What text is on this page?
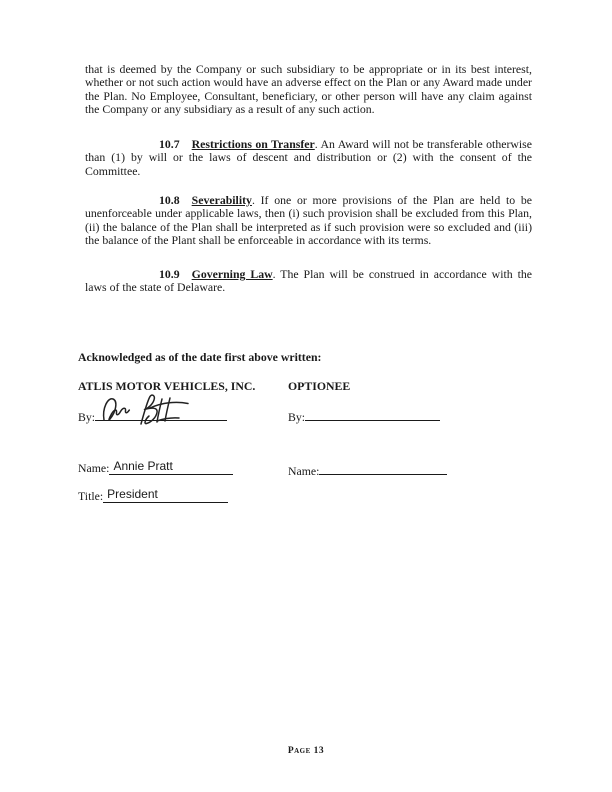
that is deemed by the Company or such subsidiary to be appropriate or in its best interest, whether or not such action would have an adverse effect on the Plan or any Award made under the Plan. No Employee, Consultant, beneficiary, or other person will have any claim against the Company or any subsidiary as a result of any such action.

10.7 Restrictions on Transfer. An Award will not be transferable otherwise than (1) by will or the laws of descent and distribution or (2) with the consent of the Committee.

10.8 Severability. If one or more provisions of the Plan are held to be unenforceable under applicable laws, then (i) such provision shall be excluded from this Plan, (ii) the balance of the Plan shall be interpreted as if such provision were so excluded and (iii) the balance of the Plant shall be enforceable in accordance with its terms.

10.9 Governing Law. The Plan will be construed in accordance with the laws of the state of Delaware.

Acknowledged as of the date first above written:

ATLIS MOTOR VEHICLES, INC.	OPTIONEE

By:	By:
Name: Annie Pratt	Name:
Title: President

Page 13
